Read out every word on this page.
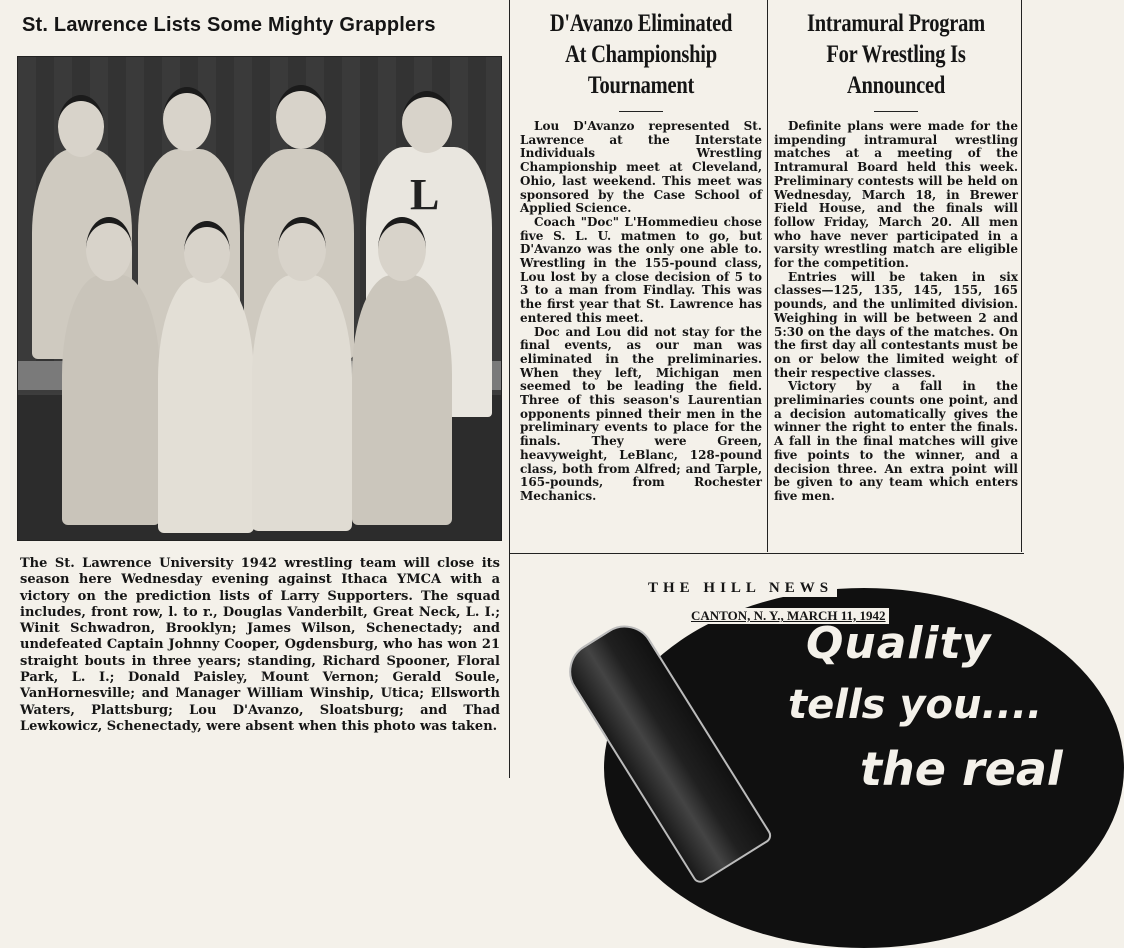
St. Lawrence Lists Some Mighty Grapplers
L
The St. Lawrence University 1942 wrestling team will close its season here Wednesday evening against Ithaca YMCA with a victory on the prediction lists of Larry Supporters. The squad includes, front row, l. to r., Douglas Vanderbilt, Great Neck, L. I.; Winit Schwadron, Brooklyn; James Wilson, Schenectady; and undefeated Captain Johnny Cooper, Ogdensburg, who has won 21 straight bouts in three years; standing, Richard Spooner, Floral Park, L. I.; Donald Paisley, Mount Vernon; Gerald Soule, VanHornesville; and Manager William Winship, Utica; Ellsworth Waters, Plattsburg; Lou D'Avanzo, Sloatsburg; and Thad Lewkowicz, Schenectady, were absent when this photo was taken.
D'Avanzo Eliminated At Championship Tournament

Lou D'Avanzo represented St. Lawrence at the Interstate Individuals Wrestling Championship meet at Cleveland, Ohio, last weekend. This meet was sponsored by the Case School of Applied Science.

Coach "Doc" L'Hommedieu chose five S. L. U. matmen to go, but D'Avanzo was the only one able to. Wrestling in the 155-pound class, Lou lost by a close decision of 5 to 3 to a man from Findlay. This was the first year that St. Lawrence has entered this meet.

Doc and Lou did not stay for the final events, as our man was eliminated in the preliminaries. When they left, Michigan men seemed to be leading the field. Three of this season's Laurentian opponents pinned their men in the preliminary events to place for the finals. They were Green, heavyweight, LeBlanc, 128-pound class, both from Alfred; and Tarple, 165-pounds, from Rochester Mechanics.

Intramural Program For Wrestling Is Announced

Definite plans were made for the impending intramural wrestling matches at a meeting of the Intramural Board held this week. Preliminary contests will be held on Wednesday, March 18, in Brewer Field House, and the finals will follow Friday, March 20. All men who have never participated in a varsity wrestling match are eligible for the competition.

Entries will be taken in six classes—125, 135, 145, 155, 165 pounds, and the unlimited division. Weighing in will be between 2 and 5:30 on the days of the matches. On the first day all contestants must be on or below the limited weight of their respective classes.

Victory by a fall in the preliminaries counts one point, and a decision automatically gives the winner the right to enter the finals. A fall in the final matches will give five points to the winner, and a decision three. An extra point will be given to any team which enters five men.

THE HILL NEWS
CANTON, N. Y., MARCH 11, 1942
Quality
tells you....
the real
